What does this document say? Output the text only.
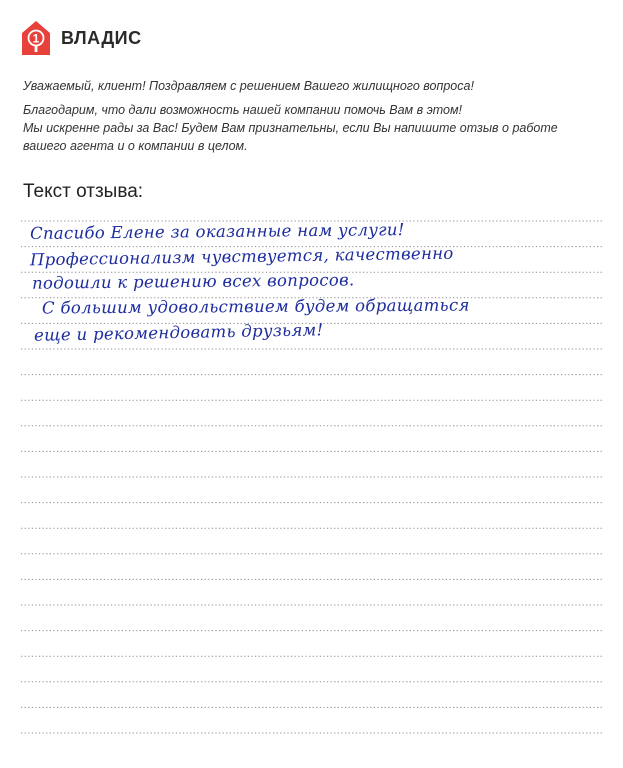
1 ВЛАДИС

Уважаемый, клиент! Поздравляем с решением Вашего жилищного вопроса!

Благодарим, что дали возможность нашей компании помочь Вам в этом!

Мы искренне рады за Вас! Будем Вам признательны, если Вы напишите отзыв о работе

вашего агента и о компании в целом.

Текст отзыва:
Спасибо Елене за оказанные нам услуги!
Профессионализм чувствуется, качественно
подошли к решению всех вопросов.
С большим удовольствием будем обращаться
еще и рекомендовать друзьям!
